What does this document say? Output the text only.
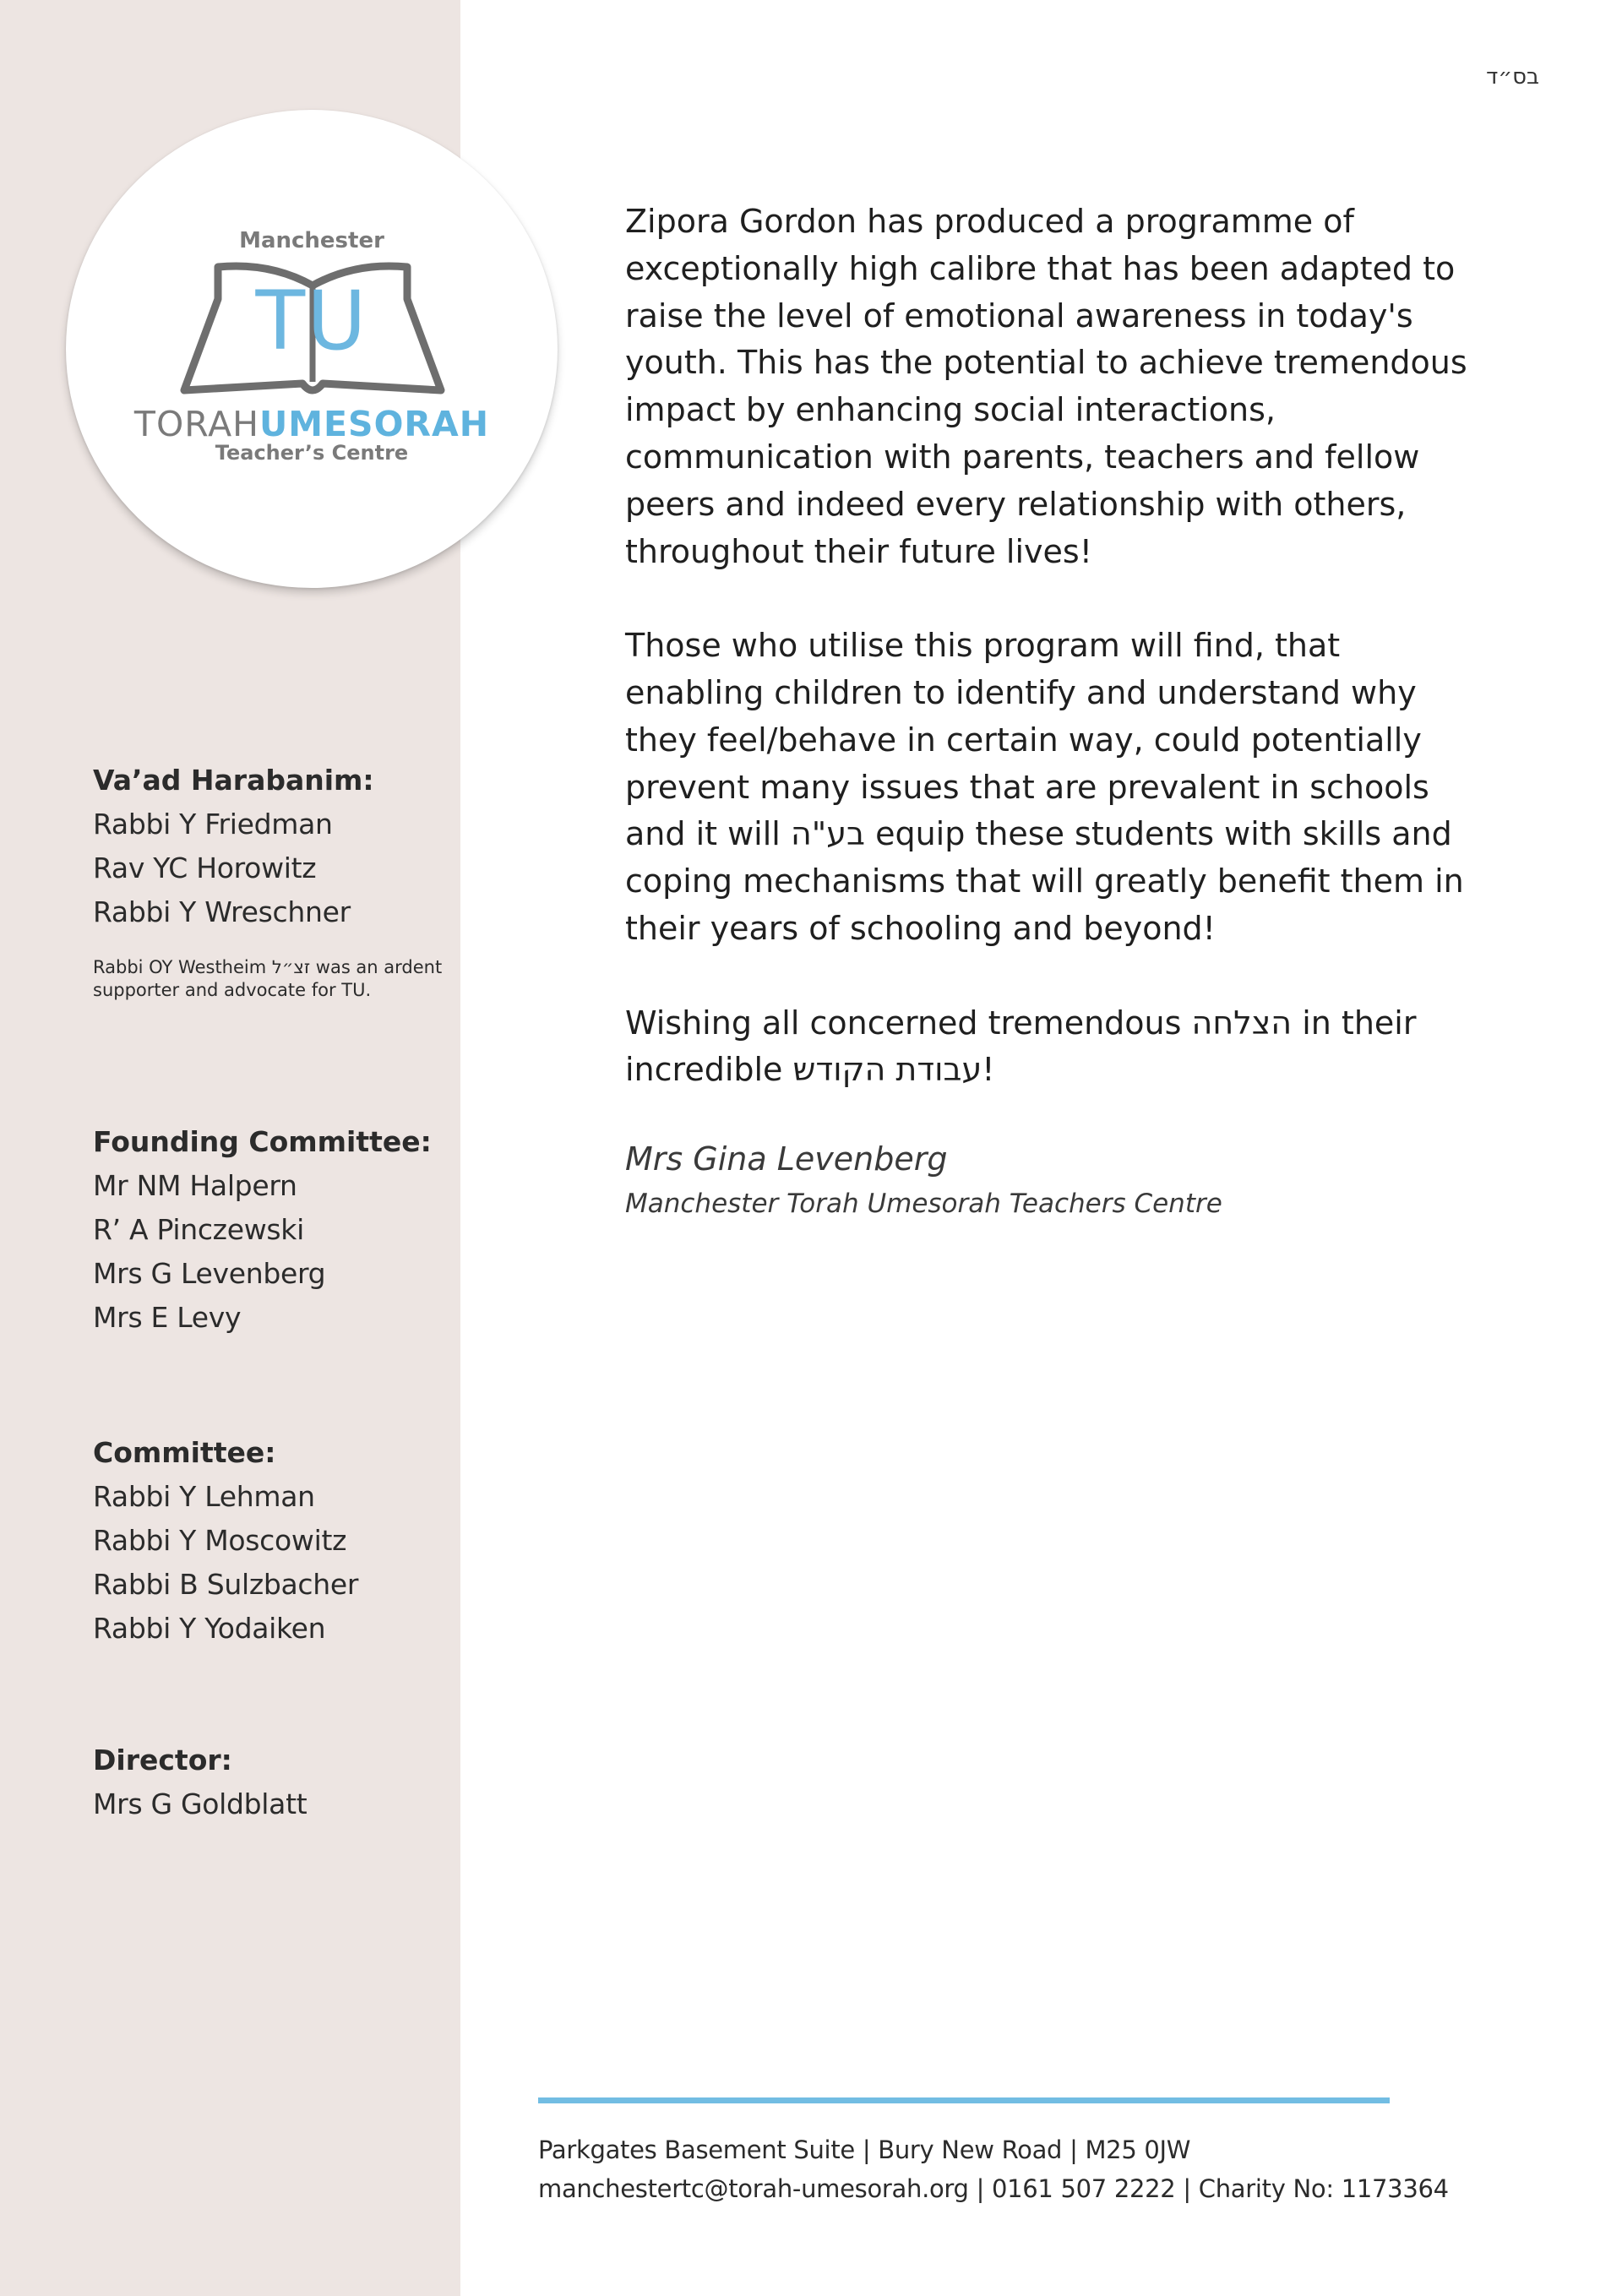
Manchester
TU
TORAHUMESORAH
Teacher’s Centre
Va’ad Harabanim:
Rabbi Y Friedman
Rav YC Horowitz
Rabbi Y Wreschner
Rabbi OY Westheim זצ״ל was an ardent supporter and advocate for TU.
Founding Committee:
Mr NM Halpern
R’ A Pinczewski
Mrs G Levenberg
Mrs E Levy
Committee:
Rabbi Y Lehman
Rabbi Y Moscowitz
Rabbi B Sulzbacher
Rabbi Y Yodaiken
Director:
Mrs G Goldblatt
בס״ד

Zipora Gordon has produced a programme of
exceptionally high calibre that has been adapted to
raise the level of emotional awareness in today's
youth. This has the potential to achieve tremendous
impact by enhancing social interactions,
communication with parents, teachers and fellow
peers and indeed every relationship with others,
throughout their future lives!

Those who utilise this program will find, that
enabling children to identify and understand why
they feel/behave in certain way, could potentially
prevent many issues that are prevalent in schools
and it will בע"ה equip these students with skills and
coping mechanisms that will greatly benefit them in
their years of schooling and beyond!

Wishing all concerned tremendous הצלחה in their
incredible עבודת הקודש!

Mrs Gina Levenberg
Manchester Torah Umesorah Teachers Centre
Parkgates Basement Suite | Bury New Road | M25 0JW
manchestertc@torah-umesorah.org | 0161 507 2222 | Charity No: 1173364
